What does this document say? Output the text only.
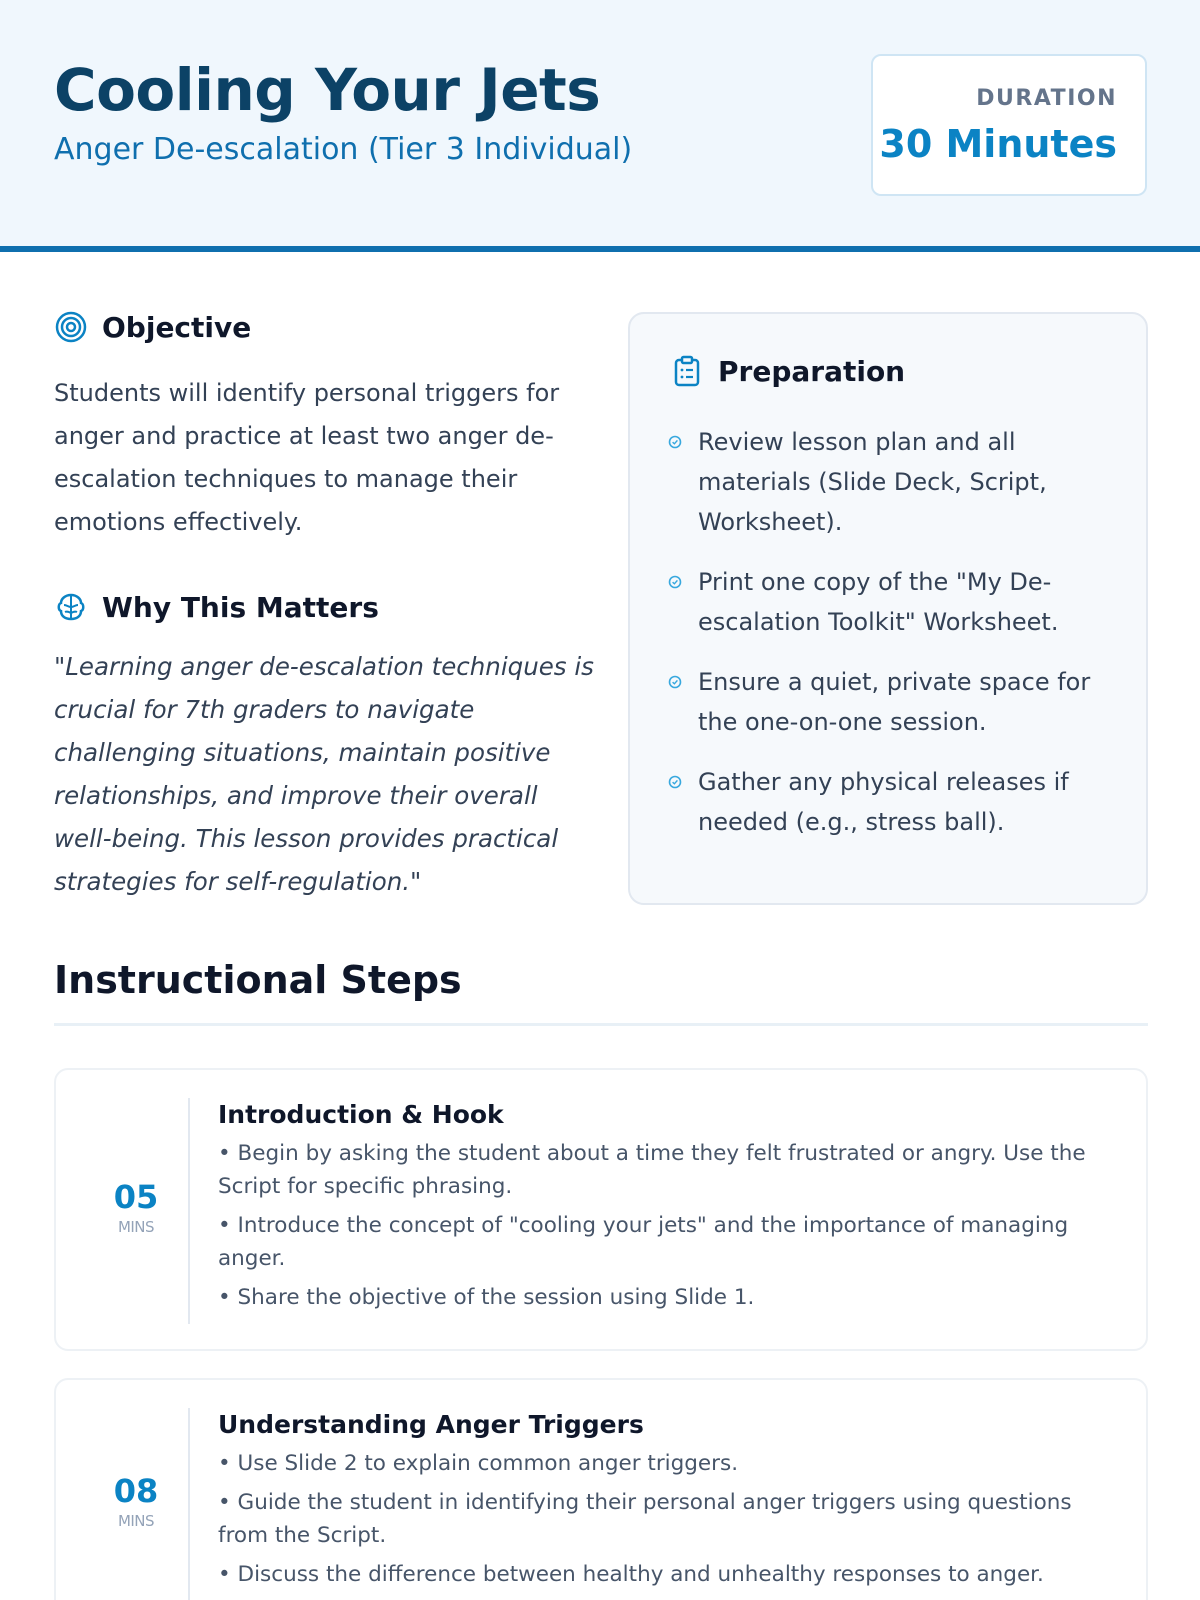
Cooling Your Jets
Anger De-escalation (Tier 3 Individual)
DURATION
30 Minutes
Objective

Students will identify personal triggers for anger and practice at least two anger de-escalation techniques to manage their emotions effectively.

Why This Matters

"Learning anger de-escalation techniques is crucial for 7th graders to navigate challenging situations, maintain positive relationships, and improve their overall well-being. This lesson provides practical strategies for self-regulation."

Preparation
Review lesson plan and all materials (Slide Deck, Script, Worksheet).
Print one copy of the "My De-escalation Toolkit" Worksheet.
Ensure a quiet, private space for the one-on-one session.
Gather any physical releases if needed (e.g., stress ball).
Instructional Steps
05
MINS
Introduction & Hook
• Begin by asking the student about a time they felt frustrated or angry. Use the Script for specific phrasing.
• Introduce the concept of "cooling your jets" and the importance of managing anger.
• Share the objective of the session using Slide 1.
08
MINS
Understanding Anger Triggers
• Use Slide 2 to explain common anger triggers.
• Guide the student in identifying their personal anger triggers using questions from the Script.
• Discuss the difference between healthy and unhealthy responses to anger.
